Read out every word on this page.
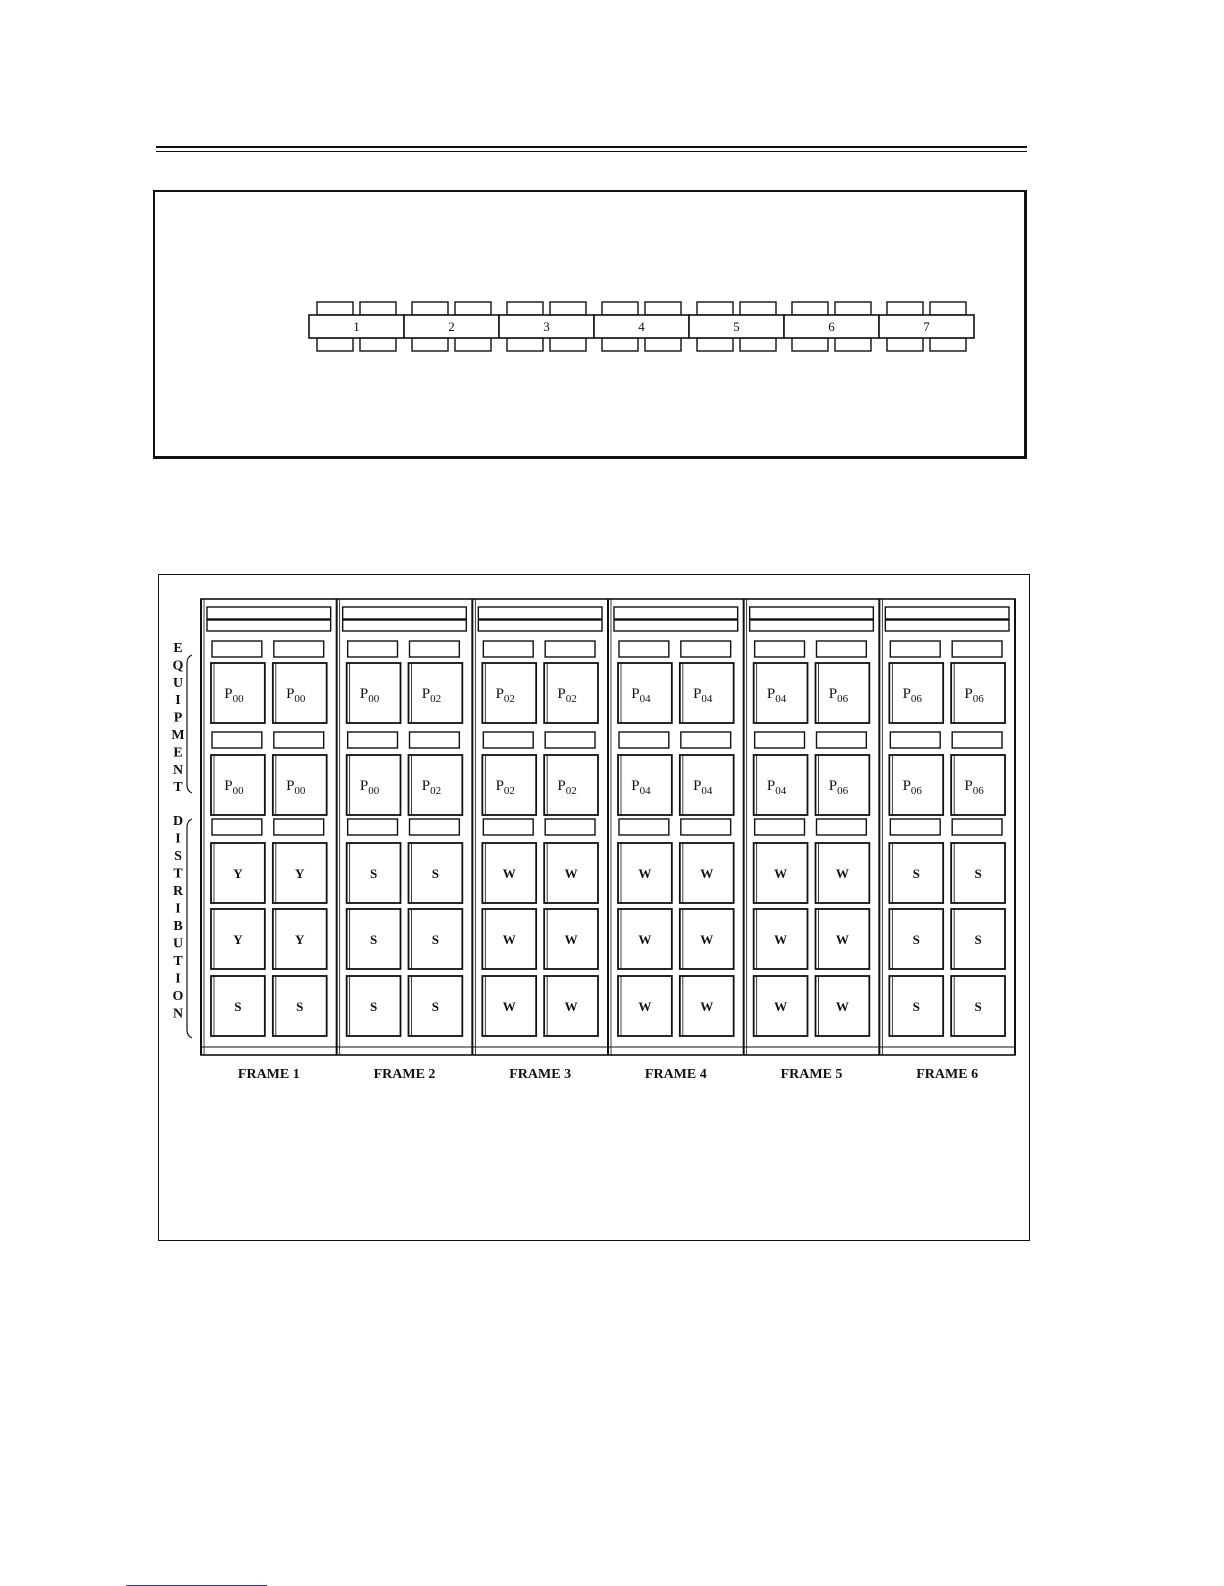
1	2	3	4	5	6	7
E
Q
U
I
P
M
E
N
T
D
I
S
T
R
I
B
U
T
I
O
N
$P_{00}$	$P_{00}$
$P_{00}$	$P_{00}$
Y	Y
Y	Y
S	S
FRAME 1
$P_{00}$	$P_{02}$
$P_{00}$	$P_{02}$
S	S
S	S
S	S
FRAME 2
$P_{02}$	$P_{02}$
$P_{02}$	$P_{02}$
W	W
W	W
W	W
FRAME 3
$P_{04}$	$P_{04}$
$P_{04}$	$P_{04}$
W	W
W	W
W	W
FRAME 4
$P_{04}$	$P_{06}$
$P_{04}$	$P_{06}$
W	W
W	W
W	W
FRAME 5
$P_{06}$	$P_{06}$
$P_{06}$	$P_{06}$
S	S
S	S
S	S
FRAME 6
